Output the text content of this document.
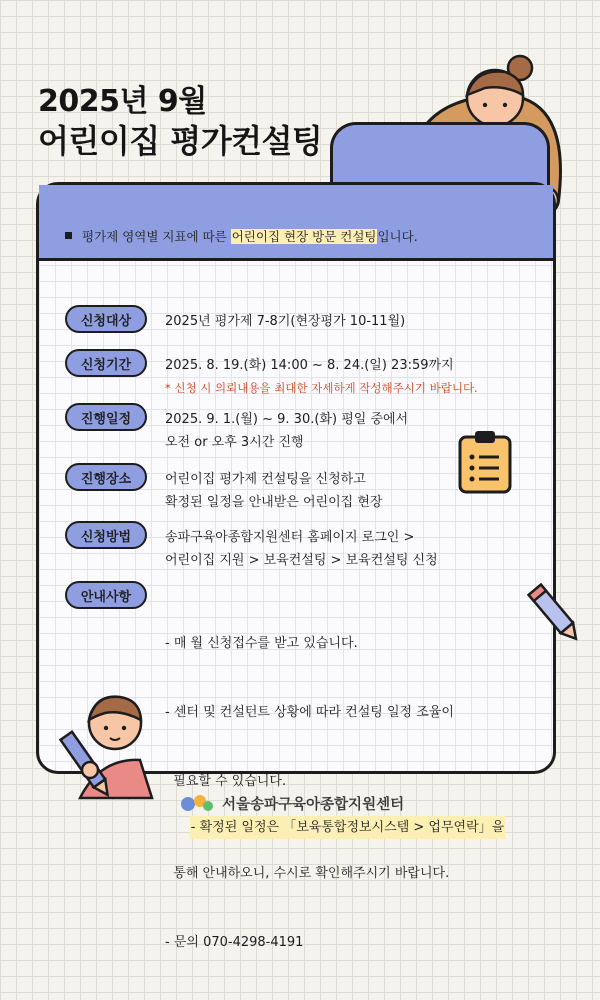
2025년 9월
어린이집 평가컨설팅
평가제 영역별 지표에 따른 어린이집 현장 방문 컨설팅입니다.
신청대상	2025년 평가제 7-8기(현장평가 10-11월)
신청기간	2025. 8. 19.(화) 14:00 ~ 8. 24.(일) 23:59까지
* 신청 시 의뢰내용을 최대한 자세하게 작성해주시기 바랍니다.
진행일정	2025. 9. 1.(월) ~ 9. 30.(화) 평일 중에서
오전 or 오후 3시간 진행
진행장소	어린이집 평가제 컨설팅을 신청하고
확정된 일정을 안내받은 어린이집 현장
신청방법	송파구육아종합지원센터 홈페이지 로그인 >
어린이집 지원 > 보육컨설팅 > 보육컨설팅 신청
안내사항

- 매 월 신청접수를 받고 있습니다.

- 센터 및 컨설턴트 상황에 따라 컨설팅 일정 조율이

필요할 수 있습니다.

- 확정된 일정은 「보육통합정보시스템 > 업무연락」을

통해 안내하오니, 수시로 확인해주시기 바랍니다.

- 문의 070-4298-4191

서울송파구육아종합지원센터
